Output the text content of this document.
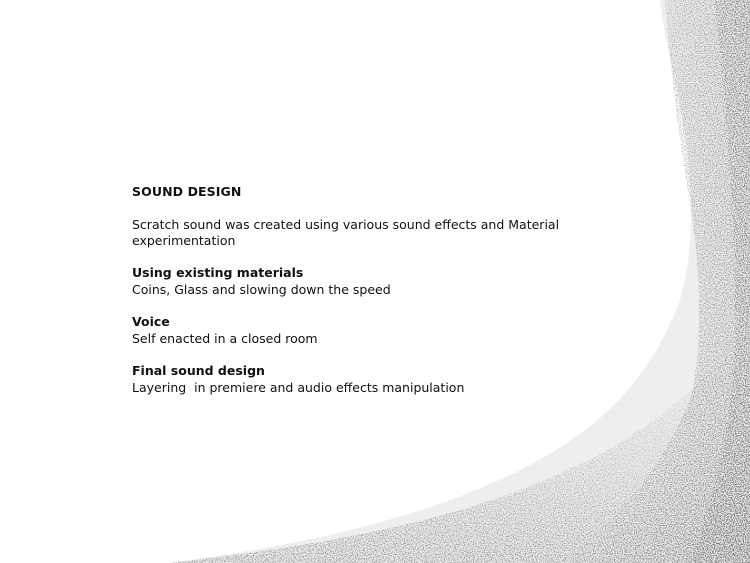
SOUND DESIGN

Scratch sound was created using various sound effects and Material experimentation

Using existing materials

Coins, Glass and slowing down the speed

Voice

Self enacted in a closed room

Final sound design

Layering  in premiere and audio effects manipulation
